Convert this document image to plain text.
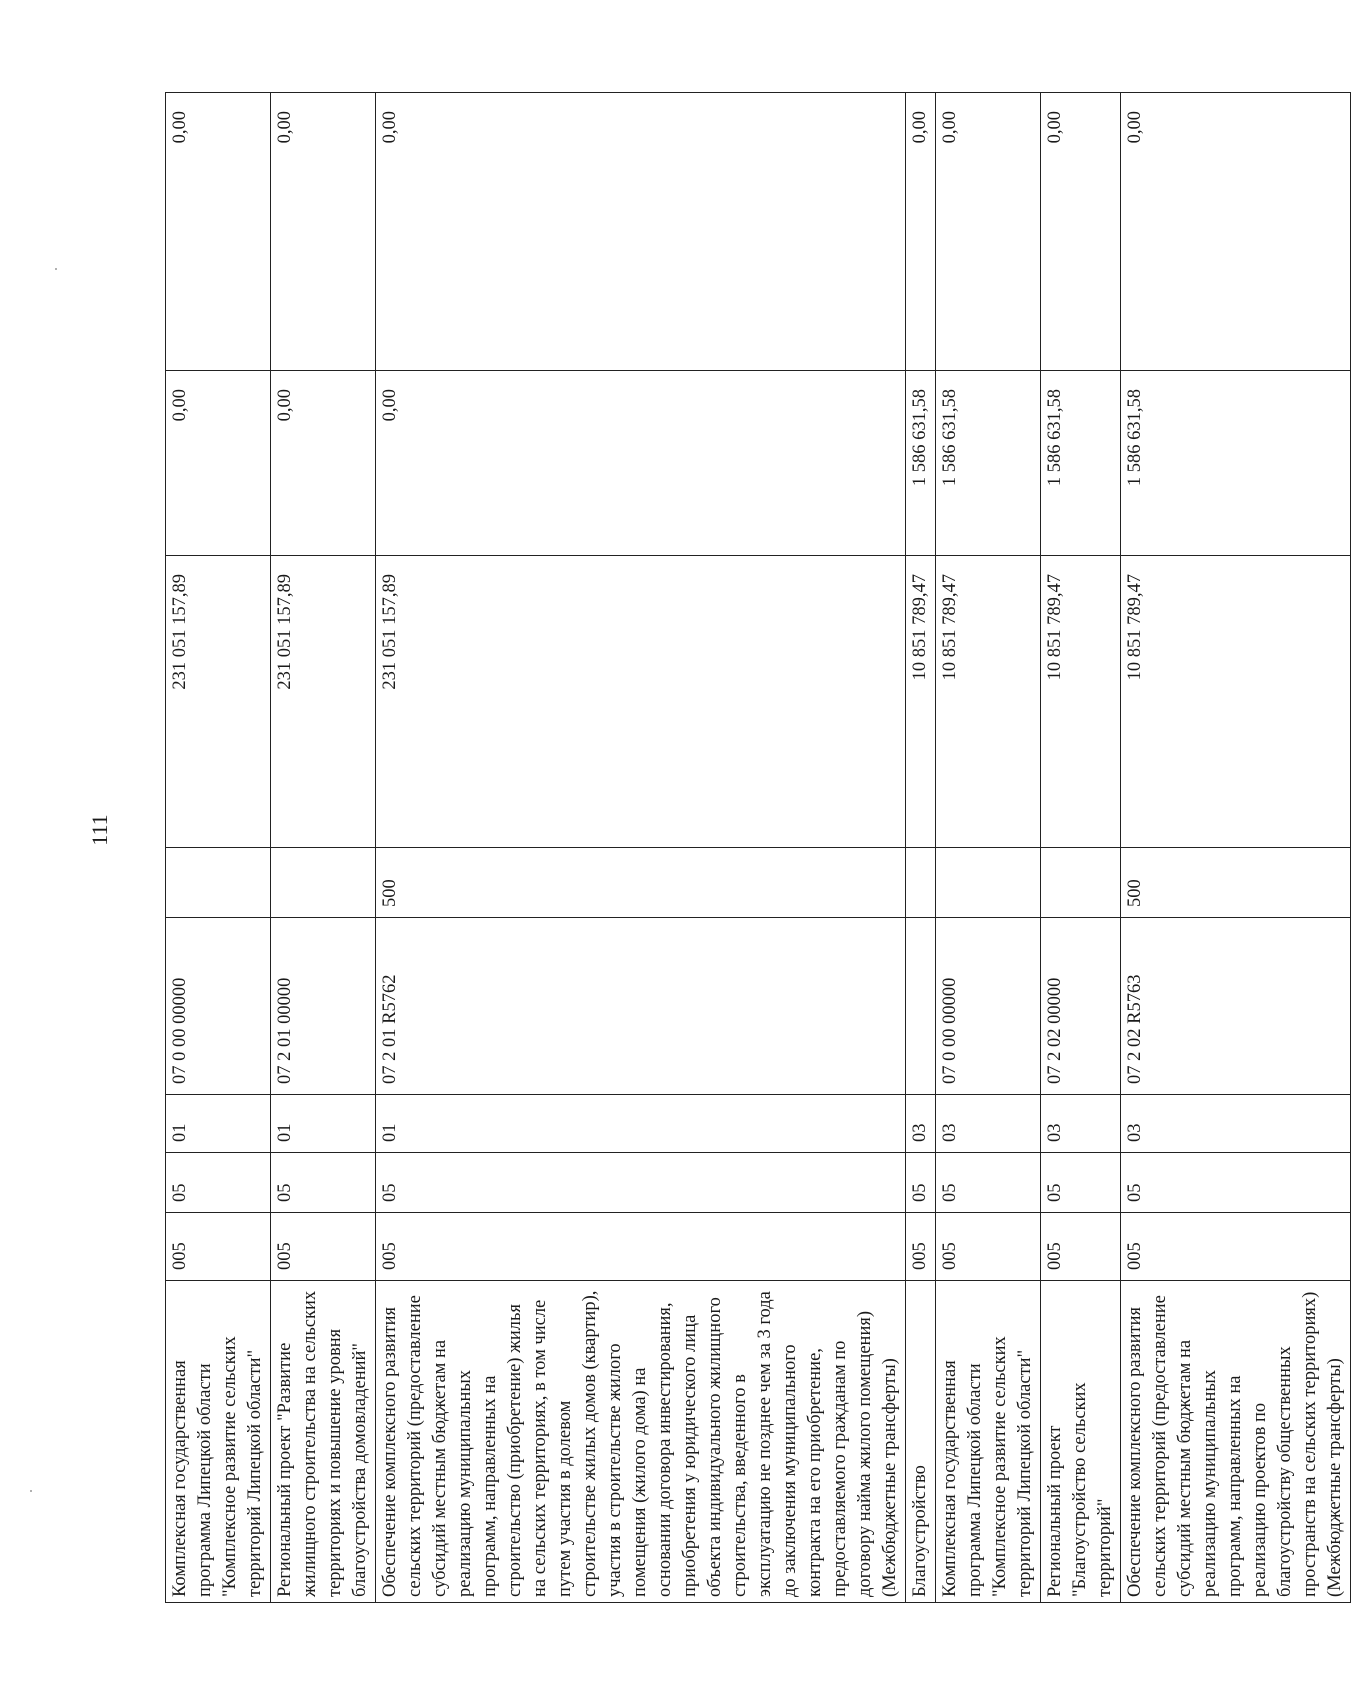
111
Комплексная государственная программа Липецкой области "Комплексное развитие сельских территорий Липецкой области"	005	05	01	07 0 00 00000		231 051 157,89	0,00	0,00
Региональный проект "Развитие жилищного строительства на сельских территориях и повышение уровня благоустройства домовладений"	005	05	01	07 2 01 00000		231 051 157,89	0,00	0,00
Обеспечение комплексного развития сельских территорий (предоставление субсидий местным бюджетам на реализацию муниципальных программ, направленных на строительство (приобретение) жилья на сельских территориях, в том числе путем участия в долевом строительстве жилых домов (квартир), участия в строительстве жилого помещения (жилого дома) на основании договора инвестирования, приобретения у юридического лица объекта индивидуального жилищного строительства, введенного в эксплуатацию не позднее чем за 3 года до заключения муниципального контракта на его приобретение, предоставляемого гражданам по договору найма жилого помещения) (Межбюджетные трансферты)	005	05	01	07 2 01 R5762	500	231 051 157,89	0,00	0,00
Благоустройство	005	05	03			10 851 789,47	1 586 631,58	0,00
Комплексная государственная программа Липецкой области "Комплексное развитие сельских территорий Липецкой области"	005	05	03	07 0 00 00000		10 851 789,47	1 586 631,58	0,00
Региональный проект "Благоустройство сельских территорий"	005	05	03	07 2 02 00000		10 851 789,47	1 586 631,58	0,00
Обеспечение комплексного развития сельских территорий (предоставление субсидий местным бюджетам на реализацию муниципальных программ, направленных на реализацию проектов по благоустройству общественных пространств на сельских территориях) (Межбюджетные трансферты)	005	05	03	07 2 02 R5763	500	10 851 789,47	1 586 631,58	0,00
